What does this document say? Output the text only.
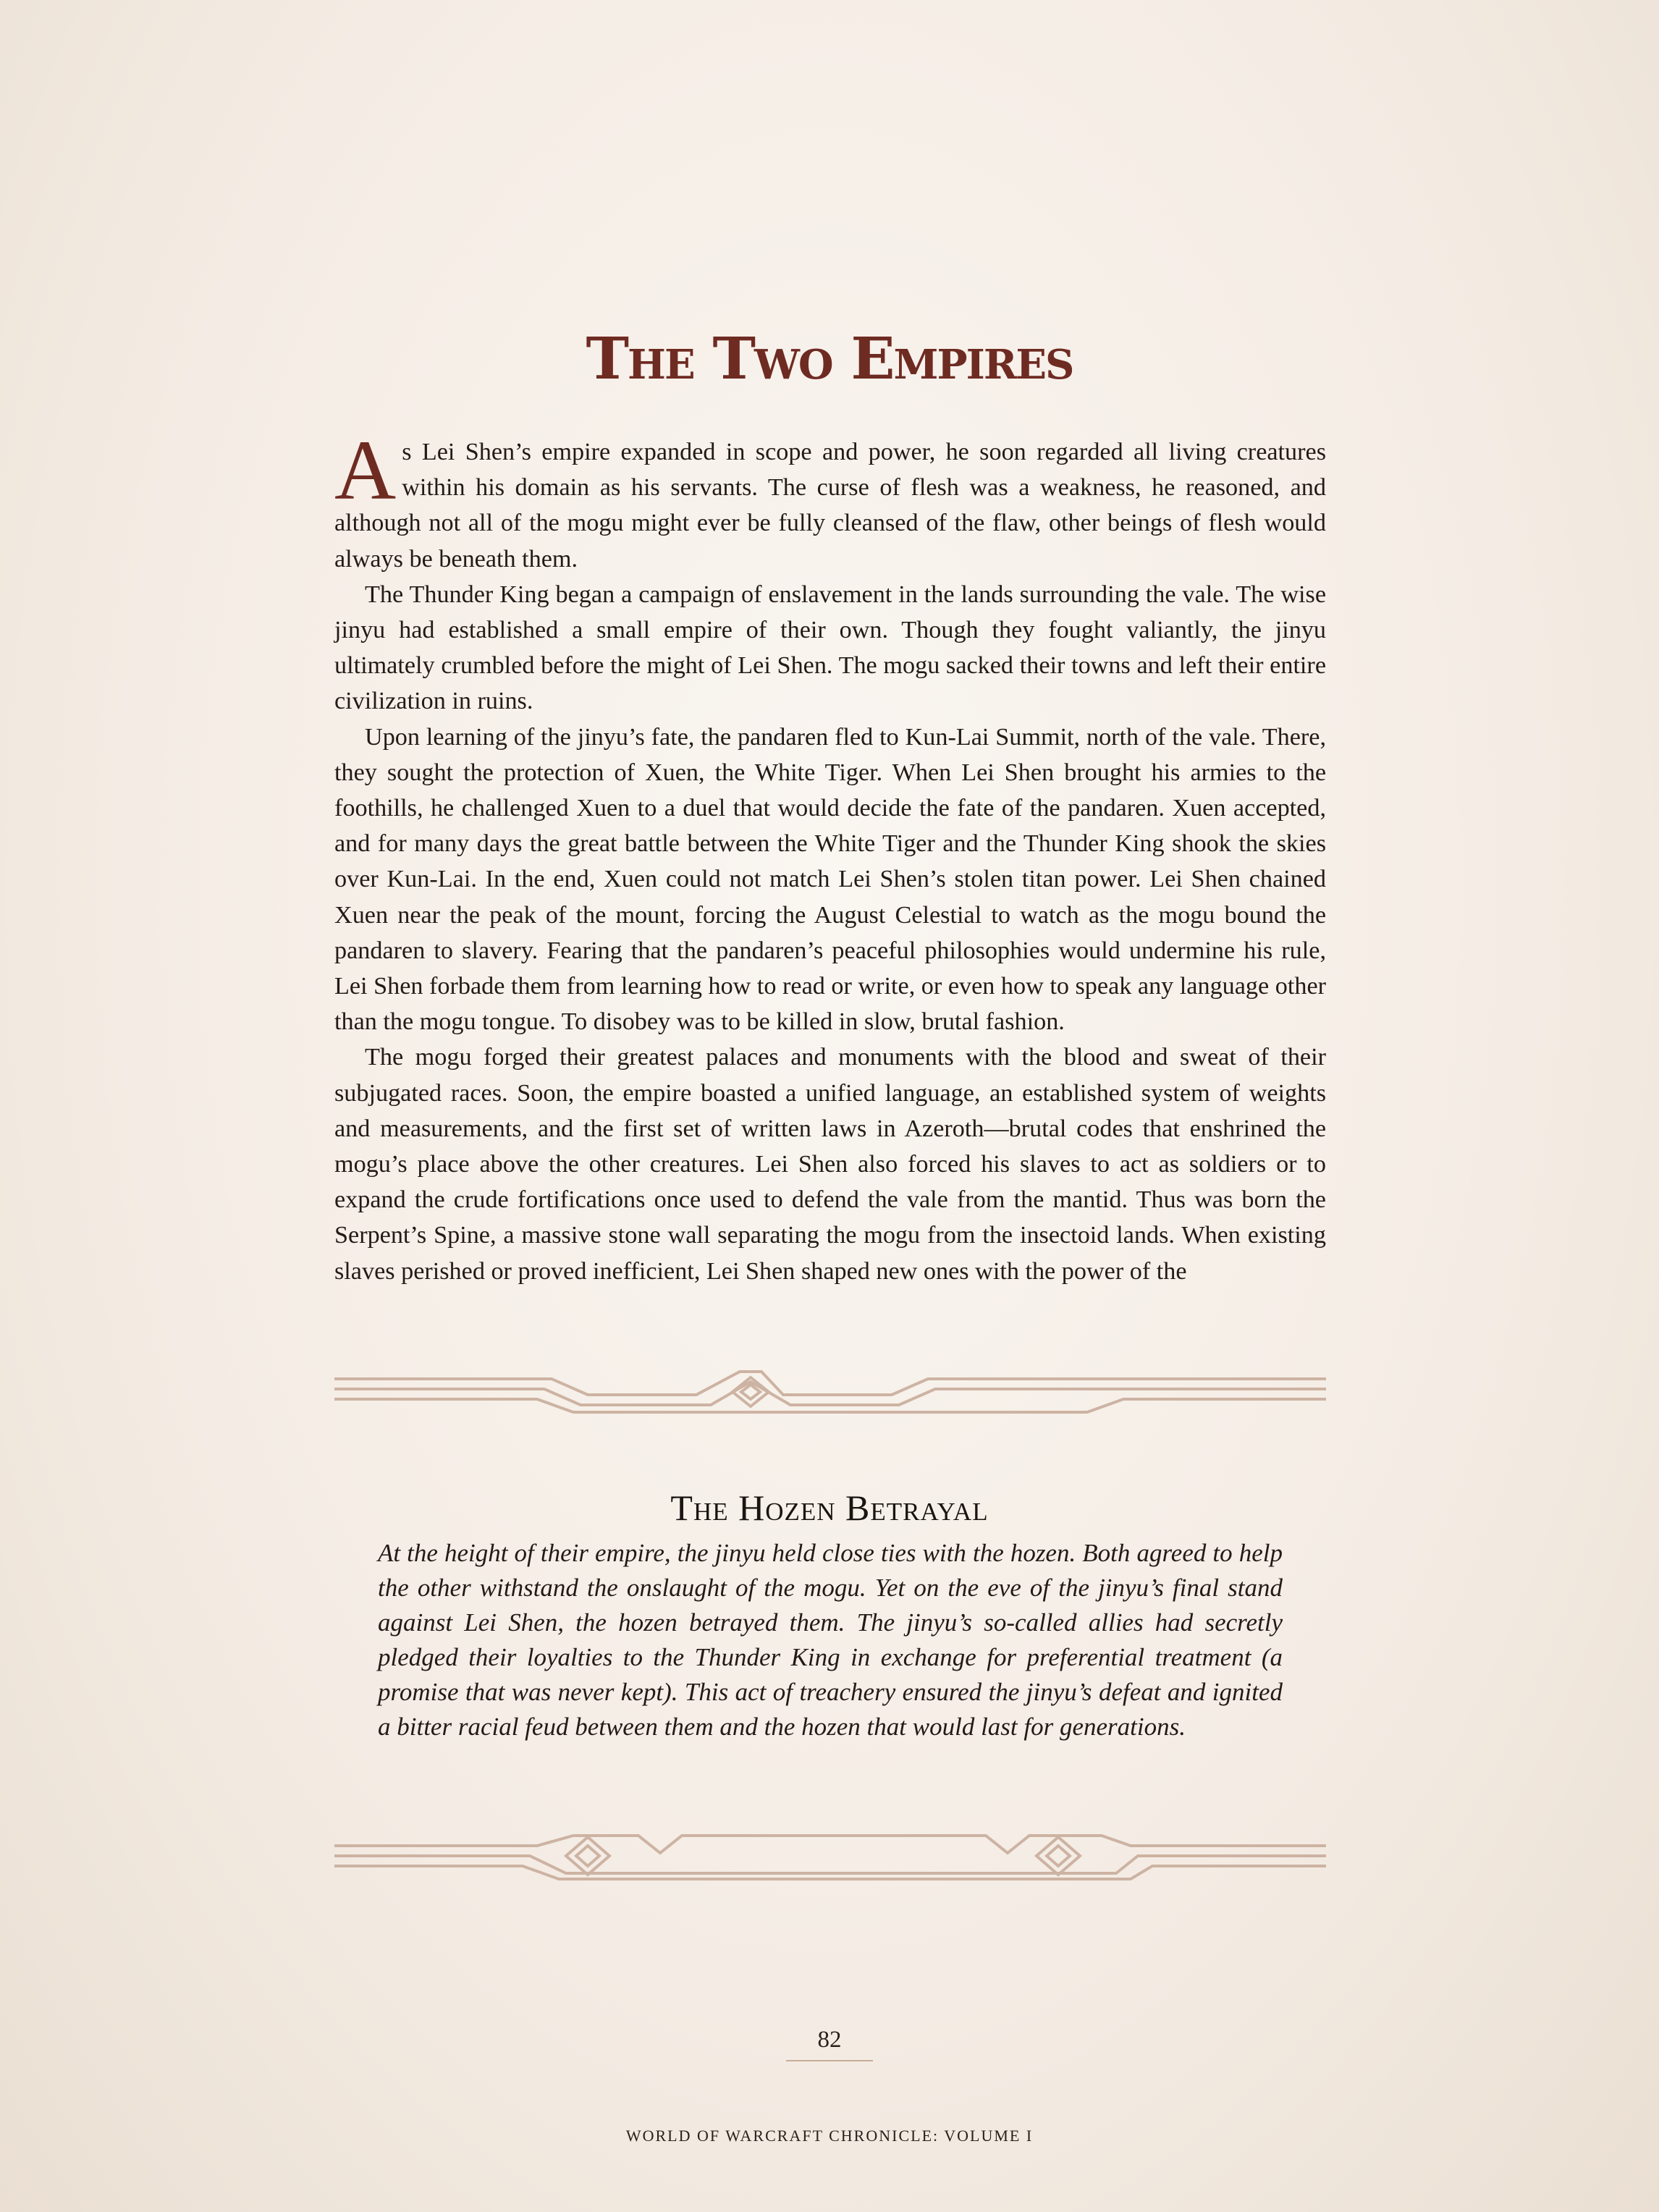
The Two Empires

As Lei Shen’s empire expanded in scope and power, he soon regarded all living creatures within his domain as his servants. The curse of flesh was a weakness, he reasoned, and although not all of the mogu might ever be fully cleansed of the flaw, other beings of flesh would always be beneath them.

The Thunder King began a campaign of enslavement in the lands surrounding the vale. The wise jinyu had established a small empire of their own. Though they fought valiantly, the jinyu ultimately crumbled before the might of Lei Shen. The mogu sacked their towns and left their entire civilization in ruins.

Upon learning of the jinyu’s fate, the pandaren fled to Kun-Lai Summit, north of the vale. There, they sought the protection of Xuen, the White Tiger. When Lei Shen brought his armies to the foothills, he challenged Xuen to a duel that would decide the fate of the pandaren. Xuen accepted, and for many days the great battle between the White Tiger and the Thunder King shook the skies over Kun-Lai. In the end, Xuen could not match Lei Shen’s stolen titan power. Lei Shen chained Xuen near the peak of the mount, forcing the August Celestial to watch as the mogu bound the pandaren to slavery. Fearing that the pandaren’s peaceful philosophies would undermine his rule, Lei Shen forbade them from learning how to read or write, or even how to speak any language other than the mogu tongue. To disobey was to be killed in slow, brutal fashion.

The mogu forged their greatest palaces and monuments with the blood and sweat of their subjugated races. Soon, the empire boasted a unified language, an established system of weights and measurements, and the first set of written laws in Azeroth—brutal codes that enshrined the mogu’s place above the other creatures. Lei Shen also forced his slaves to act as soldiers or to expand the crude fortifications once used to defend the vale from the mantid. Thus was born the Serpent’s Spine, a massive stone wall separating the mogu from the insectoid lands. When existing slaves perished or proved inefficient, Lei Shen shaped new ones with the power of the

The Hozen Betrayal
At the height of their empire, the jinyu held close ties with the hozen. Both agreed to help the other withstand the onslaught of the mogu. Yet on the eve of the jinyu’s final stand against Lei Shen, the hozen betrayed them. The jinyu’s so-called allies had secretly pledged their loyalties to the Thunder King in exchange for preferential treatment (a promise that was never kept). This act of treachery ensured the jinyu’s defeat and ignited a bitter racial feud between them and the hozen that would last for generations.
82
WORLD OF WARCRAFT CHRONICLE: VOLUME I
